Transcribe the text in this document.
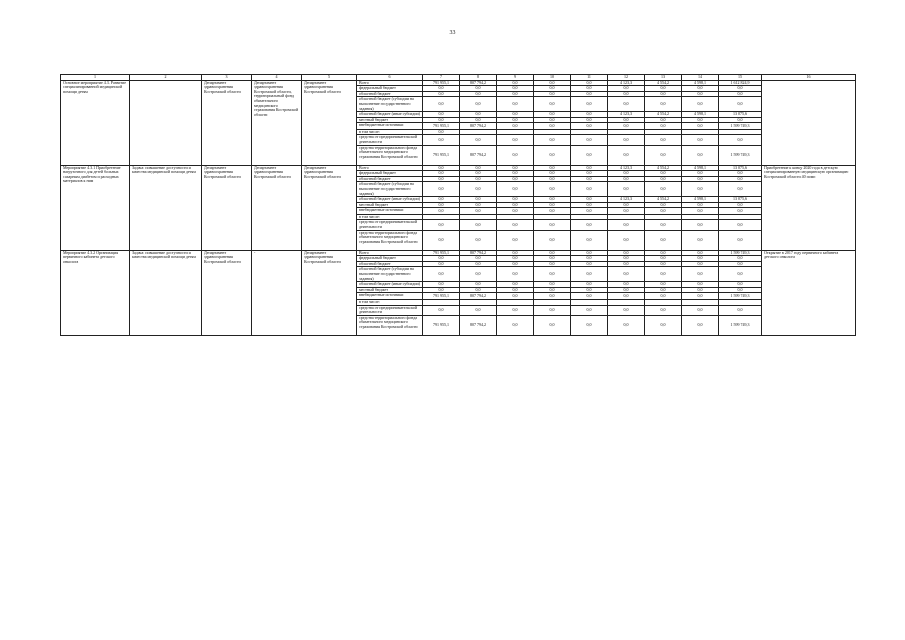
33
1	2	3	4	5	6	7	8	9	10	11	12	13	14	15	16
Основное мероприятие 4.3. Развитие специализированной медицинской помощи детям		Департамент здравоохранения Костромской области	Департамент здравоохранения Костромской области, территориальный фонд обязательного медицинского страхования Костромской области	Департамент здравоохранения Костромской области	Всего	791 955,1	807 794,2	0,0	0,0	0,0	4 123,3	4 554,2	4 598,1	1 612 824,9	
					федеральный бюджет	0,0	0,0	0,0	0,0	0,0	0,0	0,0	0,0	0,0	
					областной бюджет	0,0	0,0	0,0	0,0	0,0	0,0	0,0	0,0	0,0	
					областной бюджет (субсидии на выполнение государственного задания)	0,0	0,0	0,0	0,0	0,0	0,0	0,0	0,0	0,0	
					областной бюджет (иные субсидии)	0,0	0,0	0,0	0,0	0,0	4 123,3	4 554,2	4 598,1	13 075,6	
					местный бюджет	0,0	0,0	0,0	0,0	0,0	0,0	0,0	0,0	0,0	
					внебюджетные источники	791 955,1	807 794,2	0,0	0,0	0,0	0,0	0,0	0,0	1 599 749,3	
					в том числе:	0,0									
					средства от предпринимательской деятельности	0,0	0,0	0,0	0,0	0,0	0,0	0,0	0,0	0,0	
					средства территориального фонда обязательного медицинского страхования Костромской области	791 955,1	807 794,2	0,0	0,0	0,0	0,0	0,0	0,0	1 599 749,3	
Мероприятие 4.3.1 Приобретение нагрузочного для детей больных сахарным диабетом и расходных материалов к ним	Задача: повышение доступности и качества медицинской помощи детям	Департамент здравоохранения Костромской области	Департамент здравоохранения Костромской области	Департамент здравоохранения Костромской области	Всего	0,0	0,0	0,0	0,0	0,0	4 123,3	4 554,2	4 598,1	13 075,6	Приобретение к концу 2020 года в детскую специализированную медицинскую организацию Костромской области 40 помп
					федеральный бюджет	0,0	0,0	0,0	0,0	0,0	0,0	0,0	0,0	0,0	
					областной бюджет	0,0	0,0	0,0	0,0	0,0	0,0	0,0	0,0	0,0	
					областной бюджет (субсидии на выполнение государственного задания)	0,0	0,0	0,0	0,0	0,0	0,0	0,0	0,0	0,0	
					областной бюджет (иные субсидии)	0,0	0,0	0,0	0,0	0,0	4 123,3	4 554,2	4 598,1	13 075,6	
					местный бюджет	0,0	0,0	0,0	0,0	0,0	0,0	0,0	0,0	0,0	
					внебюджетные источники	0,0	0,0	0,0	0,0	0,0	0,0	0,0	0,0	0,0	
					в том числе:										
					средства от предпринимательской деятельности	0,0	0,0	0,0	0,0	0,0	0,0	0,0	0,0	0,0	
					средства территориального фонда обязательного медицинского страхования Костромской области	0,0	0,0	0,0	0,0	0,0	0,0	0,0	0,0	0,0	
Мероприятие 4.3.2 Организация первичного кабинета детского онколога	Задача: повышение доступности и качества медицинской помощи детям	Департамент здравоохранения Костромской области	-	Департамент здравоохранения Костромской области	Всего	791 955,1	807 794,2	0,0	0,0	0,0	0,0	0,0	0,0	1 599 749,3	Открытие в 2017 году первичного кабинета детского онколога
					федеральный бюджет	0,0	0,0	0,0	0,0	0,0	0,0	0,0	0,0	0,0	
					областной бюджет	0,0	0,0	0,0	0,0	0,0	0,0	0,0	0,0	0,0	
					областной бюджет (субсидии на выполнение государственного задания)	0,0	0,0	0,0	0,0	0,0	0,0	0,0	0,0	0,0	
					областной бюджет (иные субсидии)	0,0	0,0	0,0	0,0	0,0	0,0	0,0	0,0	0,0	
					местный бюджет	0,0	0,0	0,0	0,0	0,0	0,0	0,0	0,0	0,0	
					внебюджетные источники	791 955,1	807 794,2	0,0	0,0	0,0	0,0	0,0	0,0	1 599 749,3	
					в том числе:										
					средства от предпринимательской деятельности	0,0	0,0	0,0	0,0	0,0	0,0	0,0	0,0	0,0	
					средства территориального фонда обязательного медицинского страхования Костромской области	791 955,1	807 794,2	0,0	0,0	0,0	0,0	0,0	0,0	1 599 749,3	
